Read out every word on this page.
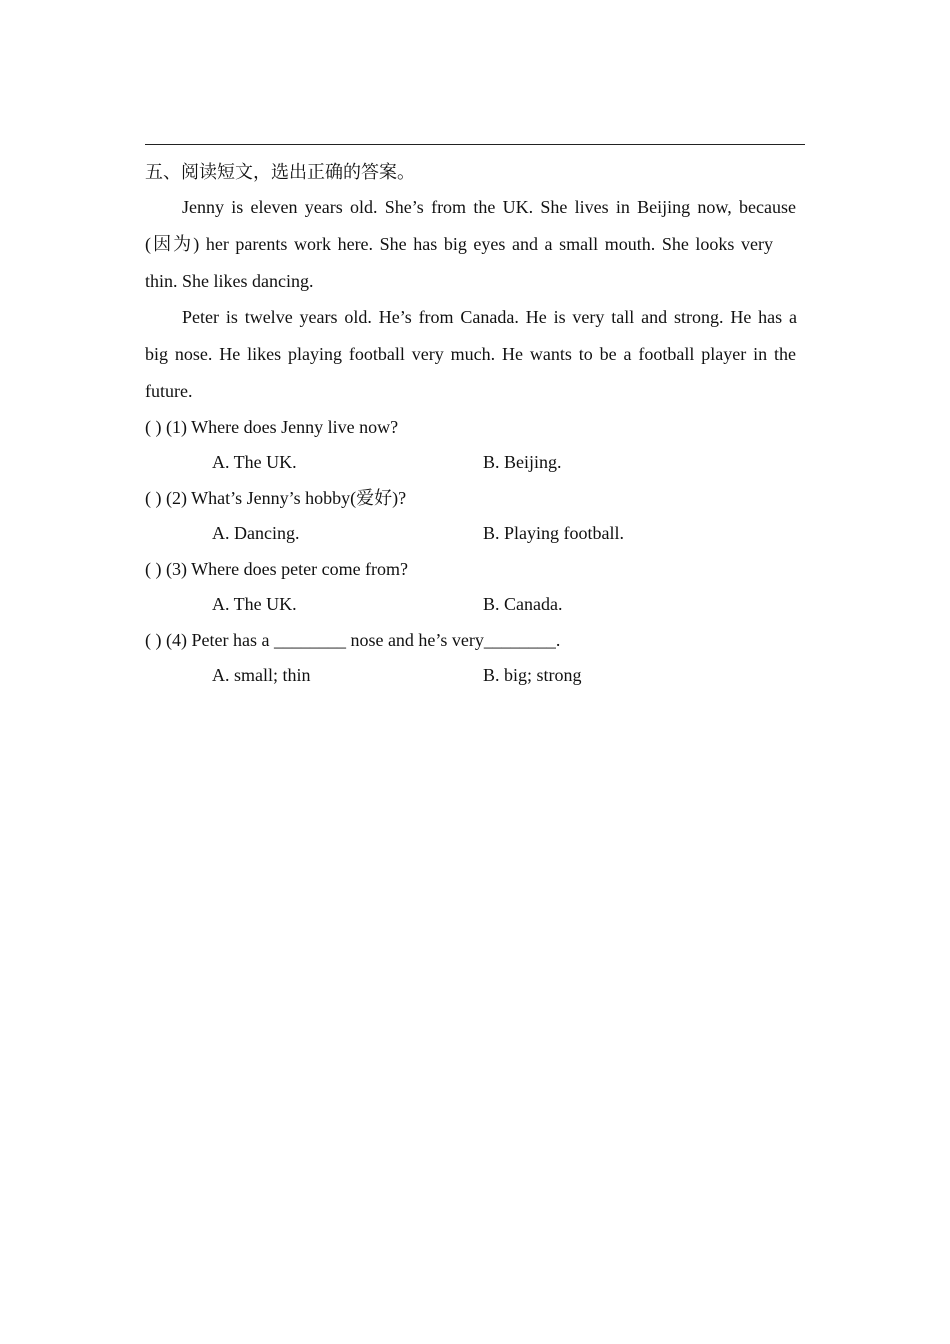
五、阅读短文，选出正确的答案。
Jenny is eleven years old. She’s from the UK. She lives in Beijing now, because
(因为) her parents work here. She has big eyes and a small mouth. She looks very
thin. She likes dancing.
Peter is twelve years old. He’s from Canada. He is very tall and strong. He has a
big nose. He likes playing football very much. He wants to be a football player in the
future.
( ) (1) Where does Jenny live now?
A. The UK.	B. Beijing.
( ) (2) What’s Jenny’s hobby(爱好)?
A. Dancing.	B. Playing football.
( ) (3) Where does peter come from?
A. The UK.	B. Canada.
( ) (4) Peter has a ________ nose and he’s very________.
A. small; thin	B. big; strong
